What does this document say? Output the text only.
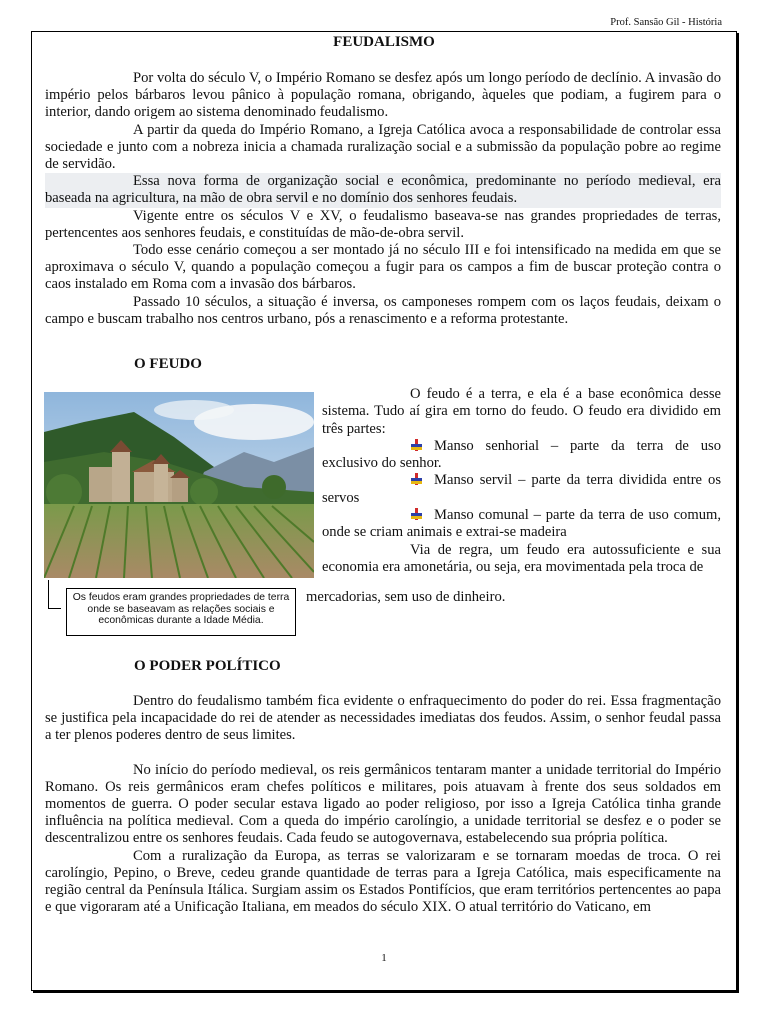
Prof. Sansão Gil - História
FEUDALISMO

Por volta do século V, o Império Romano se desfez após um longo período de declínio. A invasão do império pelos bárbaros levou pânico à população romana, obrigando, àqueles que podiam, a fugirem para o interior, dando origem ao sistema denominado feudalismo.

A partir da queda do Império Romano, a Igreja Católica avoca a responsabilidade de controlar essa sociedade e junto com a nobreza inicia a chamada ruralização social e a submissão da população pobre ao regime de servidão.

Essa nova forma de organização social e econômica, predominante no período medieval, era baseada na agricultura, na mão de obra servil e no domínio dos senhores feudais.

Vigente entre os séculos V e XV, o feudalismo baseava-se nas grandes propriedades de terras, pertencentes aos senhores feudais, e constituídas de mão-de-obra servil.

Todo esse cenário começou a ser montado já no século III e foi intensificado na medida em que se aproximava o século V, quando a população começou a fugir para os campos a fim de buscar proteção contra o caos instalado em Roma com a invasão dos bárbaros.

Passado 10 séculos, a situação é inversa, os camponeses rompem com os laços feudais, deixam o campo e buscam trabalho nos centros urbano, pós a renascimento e a reforma protestante.

O FEUDO
Os feudos eram grandes propriedades de terra onde se baseavam as relações sociais e econômicas durante a Idade Média.

O feudo é a terra, e ela é a base econômica desse sistema. Tudo aí gira em torno do feudo. O feudo era dividido em três partes:

Manso senhorial – parte da terra de uso exclusivo do senhor.

Manso servil – parte da terra dividida entre os servos

Manso comunal – parte da terra de uso comum, onde se criam animais e extrai-se madeira

Via de regra, um feudo era autossuficiente e sua economia era amonetária, ou seja, era movimentada pela troca de

mercadorias, sem uso de dinheiro.
O PODER POLÍTICO

Dentro do feudalismo também fica evidente o enfraquecimento do poder do rei. Essa fragmentação se justifica pela incapacidade do rei de atender as necessidades imediatas dos feudos. Assim, o senhor feudal passa a ter plenos poderes dentro de seus limites.

No início do período medieval, os reis germânicos tentaram manter a unidade territorial do Império Romano. Os reis germânicos eram chefes políticos e militares, pois atuavam à frente dos seus soldados em momentos de guerra. O poder secular estava ligado ao poder religioso, por isso a Igreja Católica tinha grande influência na política medieval. Com a queda do império carolíngio, a unidade territorial se desfez e o poder se descentralizou entre os senhores feudais. Cada feudo se autogovernava, estabelecendo sua própria política.

Com a ruralização da Europa, as terras se valorizaram e se tornaram moedas de troca. O rei carolíngio, Pepino, o Breve, cedeu grande quantidade de terras para a Igreja Católica, mais especificamente na região central da Península Itálica. Surgiam assim os Estados Pontifícios, que eram territórios pertencentes ao papa e que vigoraram até a Unificação Italiana, em meados do século XIX. O atual território do Vaticano, em

1
